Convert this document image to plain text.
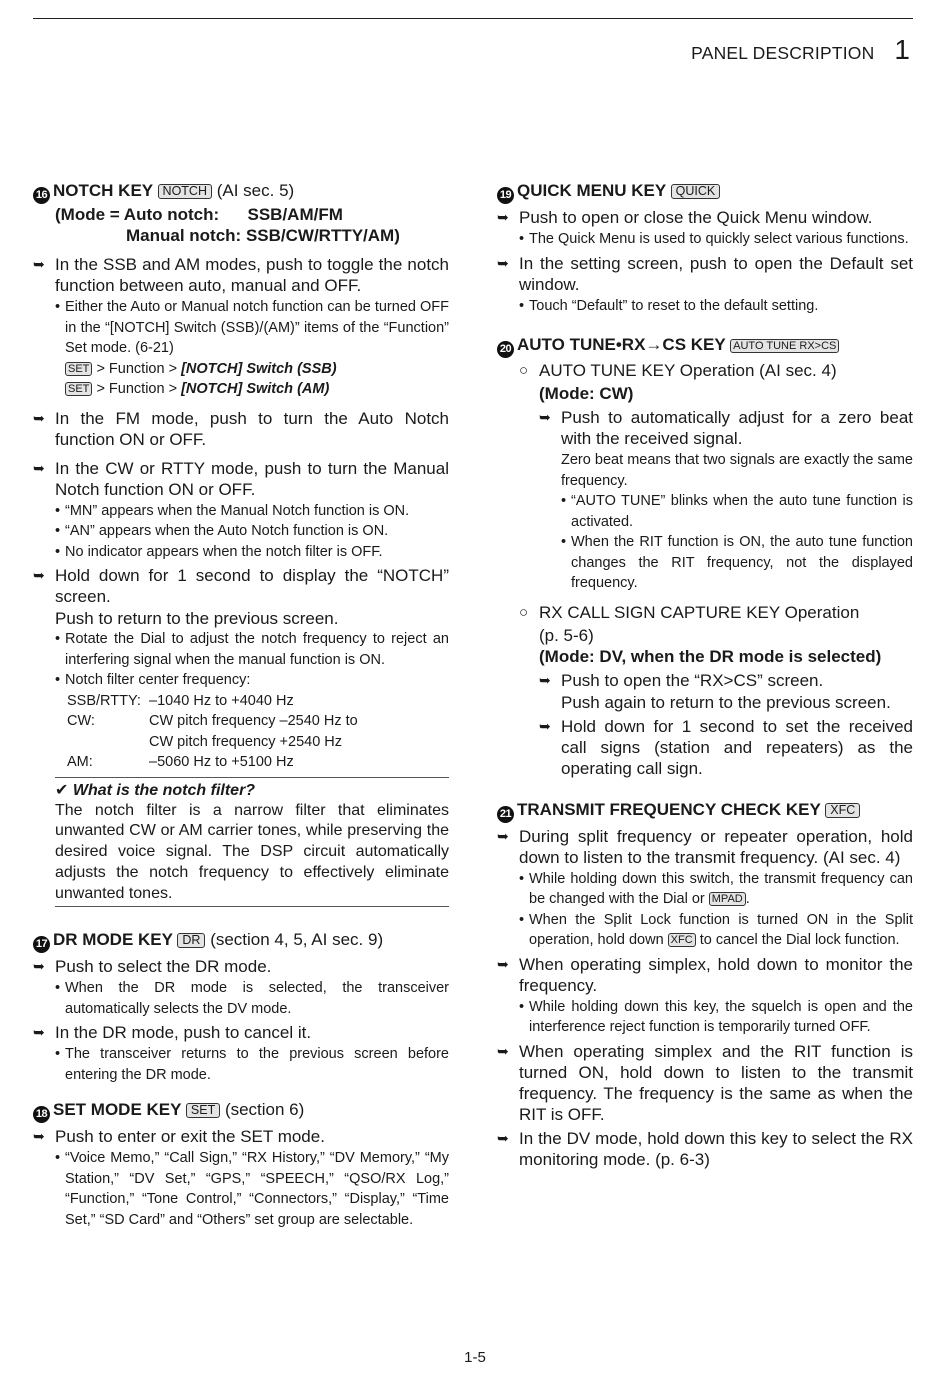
PANEL DESCRIPTION 1
16 NOTCH KEY NOTCH (AI sec. 5)
(Mode = Auto notch:      SSB/AM/FM
Manual notch: SSB/CW/RTTY/AM)
➥ In the SSB and AM modes, push to toggle the notch function between auto, manual and OFF.
• Either the Auto or Manual notch function can be turned OFF in the “[NOTCH] Switch (SSB)/(AM)” items of the “Function” Set mode. (6-21)
SET > Function > [NOTCH] Switch (SSB)
SET > Function > [NOTCH] Switch (AM)
➥ In the FM mode, push to turn the Auto Notch function ON or OFF.
➥ In the CW or RTTY mode, push to turn the Manual Notch function ON or OFF.
• “MN” appears when the Manual Notch function is ON.
• “AN” appears when the Auto Notch function is ON.
• No indicator appears when the notch filter is OFF.
➥ Hold down for 1 second to display the “NOTCH” screen.
Push to return to the previous screen.
• Rotate the Dial to adjust the notch frequency to reject an interfering signal when the manual function is ON.
• Notch filter center frequency:
SSB/RTTY: –1040 Hz to +4040 Hz
CW:	CW pitch frequency –2540 Hz to
CW pitch frequency +2540 Hz
AM:	–5060 Hz to +5100 Hz
✔ What is the notch filter?
The notch filter is a narrow filter that eliminates unwanted CW or AM carrier tones, while preserving the desired voice signal. The DSP circuit automatically adjusts the notch frequency to effectively eliminate unwanted tones.
17 DR MODE KEY DR (section 4, 5, AI sec. 9)
➥ Push to select the DR mode.
• When the DR mode is selected, the transceiver automatically selects the DV mode.
➥ In the DR mode, push to cancel it.
• The transceiver returns to the previous screen before entering the DR mode.
18 SET MODE KEY SET (section 6)
➥ Push to enter or exit the SET mode.
• “Voice Memo,” “Call Sign,” “RX History,” “DV Memory,” “My Station,” “DV Set,” “GPS,” “SPEECH,” “QSO/RX Log,” “Function,” “Tone Control,” “Connectors,” “Display,” “Time Set,” “SD Card” and “Others” set group are selectable.
19 QUICK MENU KEY QUICK
➥ Push to open or close the Quick Menu window.
• The Quick Menu is used to quickly select various functions.
➥ In the setting screen, push to open the Default set window.
• Touch “Default” to reset to the default setting.
20 AUTO TUNE•RX→CS KEY AUTO TUNE RX>CS
○ AUTO TUNE KEY Operation (AI sec. 4)
(Mode: CW)
➥ Push to automatically adjust for a zero beat with the received signal.
Zero beat means that two signals are exactly the same frequency.
• “AUTO TUNE” blinks when the auto tune function is activated.
• When the RIT function is ON, the auto tune function changes the RIT frequency, not the displayed frequency.
○ RX CALL SIGN CAPTURE KEY Operation
(p. 5-6)
(Mode: DV, when the DR mode is selected)
➥ Push to open the “RX>CS” screen.
Push again to return to the previous screen.
➥ Hold down for 1 second to set the received call signs (station and repeaters) as the operating call sign.
21 TRANSMIT FREQUENCY CHECK KEY XFC
➥ During split frequency or repeater operation, hold down to listen to the transmit frequency. (AI sec. 4)
• While holding down this switch, the transmit frequency can be changed with the Dial or MPAD .
• When the Split Lock function is turned ON in the Split operation, hold down XFC to cancel the Dial lock function.
➥ When operating simplex, hold down to monitor the frequency.
• While holding down this key, the squelch is open and the interference reject function is temporarily turned OFF.
➥ When operating simplex and the RIT function is turned ON, hold down to listen to the transmit frequency. The frequency is the same as when the RIT is OFF.
➥ In the DV mode, hold down this key to select the RX monitoring mode. (p. 6-3)
1-5
